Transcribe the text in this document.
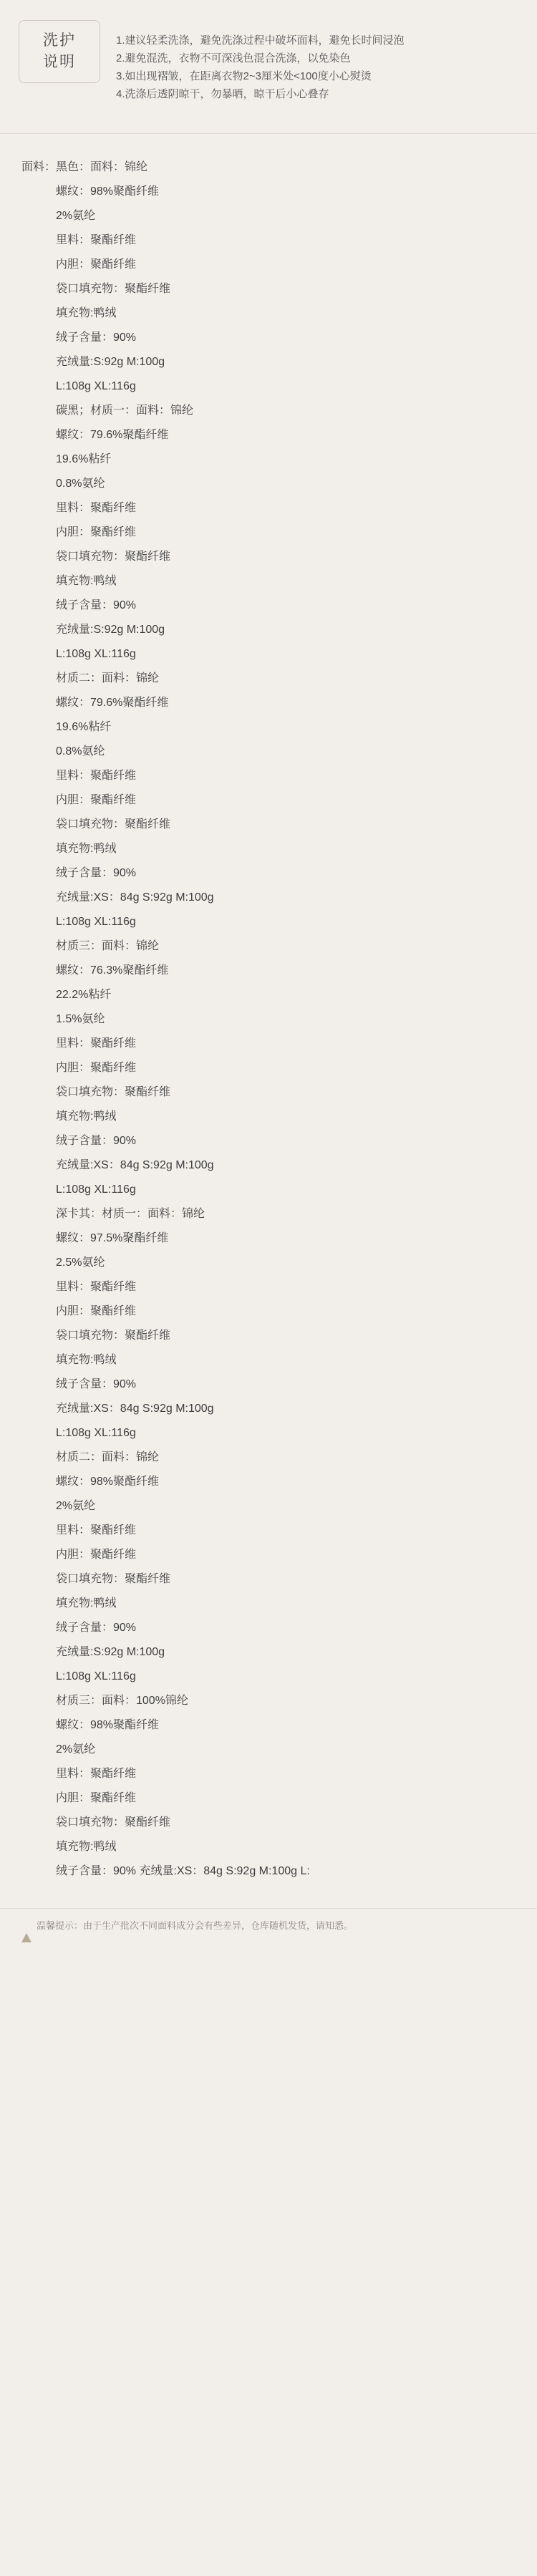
洗护
说明
1.建议轻柔洗涤，避免洗涤过程中破坏面料，避免长时间浸泡
2.避免混洗，衣物不可深浅色混合洗涤，以免染色
3.如出现褶皱，在距离衣物2~3厘米处<100度小心熨烫
4.洗涤后透阴晾干，勿暴晒，晾干后小心叠存
面料：黑色：面料：锦纶
螺纹：98%聚酯纤维
2%氨纶
里料：聚酯纤维
内胆：聚酯纤维
袋口填充物：聚酯纤维
填充物:鸭绒
绒子含量：90%
充绒量:S:92g M:100g
L:108g XL:116g
碳黑；材质一：面料：锦纶
螺纹：79.6%聚酯纤维
19.6%粘纤
0.8%氨纶
里料：聚酯纤维
内胆：聚酯纤维
袋口填充物：聚酯纤维
填充物:鸭绒
绒子含量：90%
充绒量:S:92g M:100g
L:108g XL:116g
材质二：面料：锦纶
螺纹：79.6%聚酯纤维
19.6%粘纤
0.8%氨纶
里料：聚酯纤维
内胆：聚酯纤维
袋口填充物：聚酯纤维
填充物:鸭绒
绒子含量：90%
充绒量:XS：84g S:92g M:100g
L:108g XL:116g
材质三：面料：锦纶
螺纹：76.3%聚酯纤维
22.2%粘纤
1.5%氨纶
里料：聚酯纤维
内胆：聚酯纤维
袋口填充物：聚酯纤维
填充物:鸭绒
绒子含量：90%
充绒量:XS：84g S:92g M:100g
L:108g XL:116g
深卡其：材质一：面料：锦纶
螺纹：97.5%聚酯纤维
2.5%氨纶
里料：聚酯纤维
内胆：聚酯纤维
袋口填充物：聚酯纤维
填充物:鸭绒
绒子含量：90%
充绒量:XS：84g S:92g M:100g
L:108g XL:116g
材质二：面料：锦纶
螺纹：98%聚酯纤维
2%氨纶
里料：聚酯纤维
内胆：聚酯纤维
袋口填充物：聚酯纤维
填充物:鸭绒
绒子含量：90%
充绒量:S:92g M:100g
L:108g XL:116g
材质三：面料：100%锦纶
螺纹：98%聚酯纤维
2%氨纶
里料：聚酯纤维
内胆：聚酯纤维
袋口填充物：聚酯纤维
填充物:鸭绒
绒子含量：90% 充绒量:XS：84g S:92g M:100g L:
温馨提示：由于生产批次不同面料成分会有些差异，仓库随机发货，请知悉。
